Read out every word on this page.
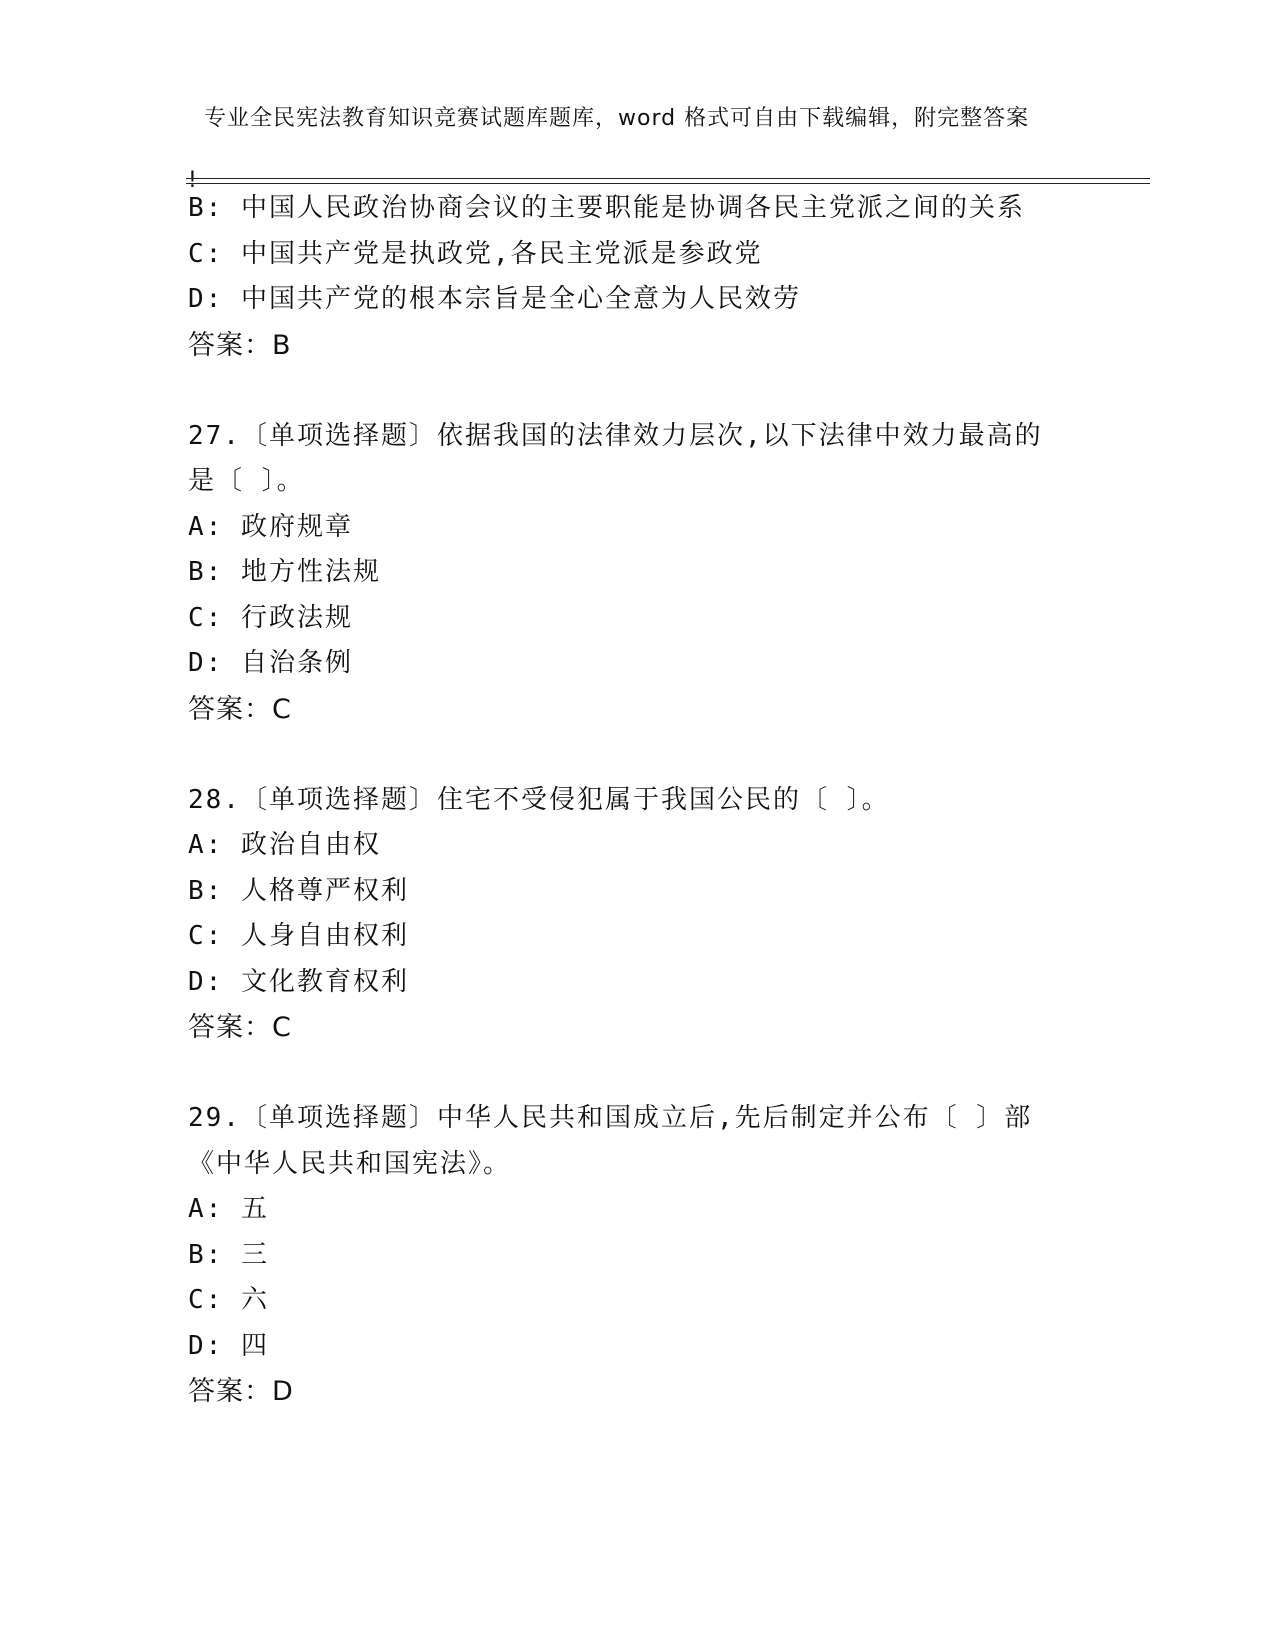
专业全民宪法教育知识竞赛试题库题库，word 格式可自由下载编辑，附完整答案

!

B: 中国人民政治协商会议的主要职能是协调各民主党派之间的关系
C: 中国共产党是执政党,各民主党派是参政党
D: 中国共产党的根本宗旨是全心全意为人民效劳
答案：B
27.〔单项选择题〕依据我国的法律效力层次,以下法律中效力最高的
是〔 〕。
A: 政府规章
B: 地方性法规
C: 行政法规
D: 自治条例
答案：C
28.〔单项选择题〕住宅不受侵犯属于我国公民的〔 〕。
A: 政治自由权
B: 人格尊严权利
C: 人身自由权利
D: 文化教育权利
答案：C
29.〔单项选择题〕中华人民共和国成立后,先后制定并公布〔 〕部
《中华人民共和国宪法》。
A: 五
B: 三
C: 六
D: 四
答案：D
